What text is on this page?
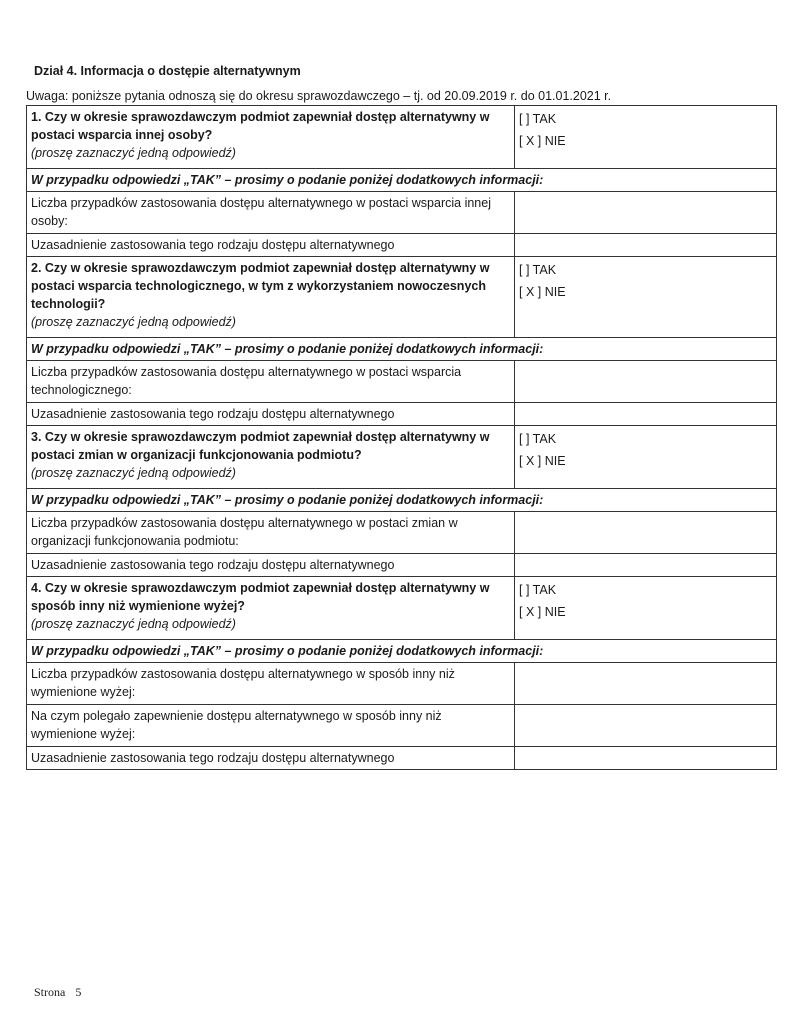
Dział 4. Informacja o dostępie alternatywnym
Uwaga: poniższe pytania odnoszą się do okresu sprawozdawczego – tj. od 20.09.2019 r. do 01.01.2021 r.
1. Czy w okresie sprawozdawczym podmiot zapewniał dostęp alternatywny w postaci wsparcia innej osoby?
(proszę zaznaczyć jedną odpowiedź)	[ ] TAK
[ X ] NIE

W przypadku odpowiedzi „TAK” – prosimy o podanie poniżej dodatkowych informacji:	
Liczba przypadków zastosowania dostępu alternatywnego w postaci wsparcia innej osoby:	
Uzasadnienie zastosowania tego rodzaju dostępu alternatywnego	
2. Czy w okresie sprawozdawczym podmiot zapewniał dostęp alternatywny w postaci wsparcia technologicznego, w tym z wykorzystaniem nowoczesnych technologii?
(proszę zaznaczyć jedną odpowiedź)	[ ] TAK
[ X ] NIE

W przypadku odpowiedzi „TAK” – prosimy o podanie poniżej dodatkowych informacji:	
Liczba przypadków zastosowania dostępu alternatywnego w postaci wsparcia technologicznego:	
Uzasadnienie zastosowania tego rodzaju dostępu alternatywnego	
3. Czy w okresie sprawozdawczym podmiot zapewniał dostęp alternatywny w postaci zmian w organizacji funkcjonowania podmiotu?
(proszę zaznaczyć jedną odpowiedź)	[ ] TAK
[ X ] NIE

W przypadku odpowiedzi „TAK” – prosimy o podanie poniżej dodatkowych informacji:	
Liczba przypadków zastosowania dostępu alternatywnego w postaci zmian w organizacji funkcjonowania podmiotu:	
Uzasadnienie zastosowania tego rodzaju dostępu alternatywnego	
4. Czy w okresie sprawozdawczym podmiot zapewniał dostęp alternatywny w sposób inny niż wymienione wyżej?
(proszę zaznaczyć jedną odpowiedź)	[ ] TAK
[ X ] NIE

W przypadku odpowiedzi „TAK” – prosimy o podanie poniżej dodatkowych informacji:	
Liczba przypadków zastosowania dostępu alternatywnego w sposób inny niż wymienione wyżej:	
Na czym polegało zapewnienie dostępu alternatywnego w sposób inny niż wymienione wyżej:	
Uzasadnienie zastosowania tego rodzaju dostępu alternatywnego	
Strona 5
